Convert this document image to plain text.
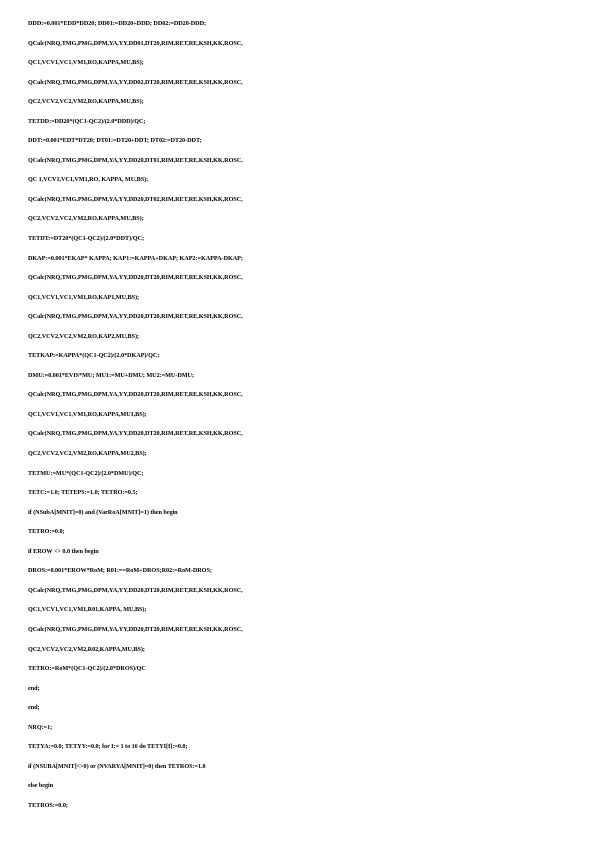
DDD:=0.001*EDD*DD20; DD01:=DD20+DDD; DD02:=DD20-DDD;
QCalc(NRQ,TMG,PMG,DPM,YA,YY,DD01,DT20,RIM,RET,RE,KSH,KK,ROSC,
QC1,VCV1,VC1,VM1,RO,KAPPA,MU,BS);
QCalc(NRQ,TMG,PMG,DPM,YA,YY,DD02,DT20,RIM,RET,RE,KSH,KK,ROSC,
QC2,VCV2,VC2,VM2,RO,KAPPA,MU,BS);
TETDD:=DD20*(QC1-QC2)/(2.0*DDD)/QC;
DDT:=0.001*EDT*DT20; DT01:=DT20+DDT; DT02:=DT20-DDT;
QCalc(NRQ,TMG,PMG,DPM,YA,YY,DD20,DT01,RIM,RET,RE,KSH,KK,ROSC,
QC 1,VCV1,VC1,VM1,RO, KAPPA, MU,BS);
QCalc(NRQ,TMG,PMG,DPM,YA,YY,DD20,DT02,RIM,RET,RE,KSH,KK,ROSC,
QC2,VCV2,VC2,VM2,RO,KAPPA,MU,BS);
TETDT:=DT20*(QC1-QC2)/(2.0*DDT)/QC;
DKAP:=0.001*EKAP* KAPPA; KAP1:=KAPPA+DKAP; KAP2:=KAPPA-DKAP;
QCalc(NRQ,TMG,PMG,DPM,YA,YY,DD20,DT20,RIM,RET,RE,KSH,KK,ROSC,
QC1,VCV1,VC1,VM1,RO,KAP1,MU,BS);
QCalc(NRQ,TMG,PMG,DPM,YA,YY,DD20,DT20,RIM,RET,RE,KSH,KK,ROSC,
QC2,VCV2,VC2,VM2,RO,KAP2,MU,BS);
TETKAP:=KAPPA*(QC1-QC2)/(2.0*DKAP)/QC;
DMU:=0.001*EVIS*MU; MU1:=MU+DMU; MU2:=MU-DMU;
QCalc(NRQ,TMG,PMG,DPM,YA,YY,DD20,DT20,RIM,RET,RE,KSH,KK,ROSC,
QC1,VCV1,VC1,VM1,RO,KAPPA,MU1,BS);
QCalc(NRQ,TMG,PMG,DPM,YA,YY,DD20,DT20,RIM,RET,RE,KSH,KK,ROSC,
QC2,VCV2,VC2,VM2,RO,KAPPA,MU2,BS);
TETMU:=MU*(QC1-QC2)/(2.0*DMU)/QC;
TETC:=1.0; TETEPS:=1.0; TETRO:=0.5;
if (NSubA[MNIT]=0) and (VarRoA[MNIT]=1) then begin
TETRO:=0.0;
if EROW <> 0.0 then begin
DROS:=0.001*EROW*RoM; R01:==RoM+DROS;R02:=RoM-DROS;
QCalc(NRQ,TMG,PMG,DPM,YA,YY,DD20,DT20,RIM,RET,RE,KSH,KK,ROSC,
QC1,VCV1,VC1,VM1,R01,KAPPA, MU,BS);
QCalc(NRQ,TMG,PMG,DPM,YA,YY,DD20,DT20,RIM,RET,RE,KSH,KK,ROSC,
QC2,VCV2,VC2,VM2,R02,KAPPA,MU,BS);
TETRO:=RoM*(QC1-QC2)/(2.0*DROS)/QC
end;
end;
NRQ:=1;
TETYA:=0.0; TETYY:=0.0; for I:= 1 to 16 do TETYI[I]:=0.0;
if (NSUBA[MNIT]<>0) or (NVARYA[MNIT]=0) then TETROS:=1.0
else begin
TETROS:=0.0;
